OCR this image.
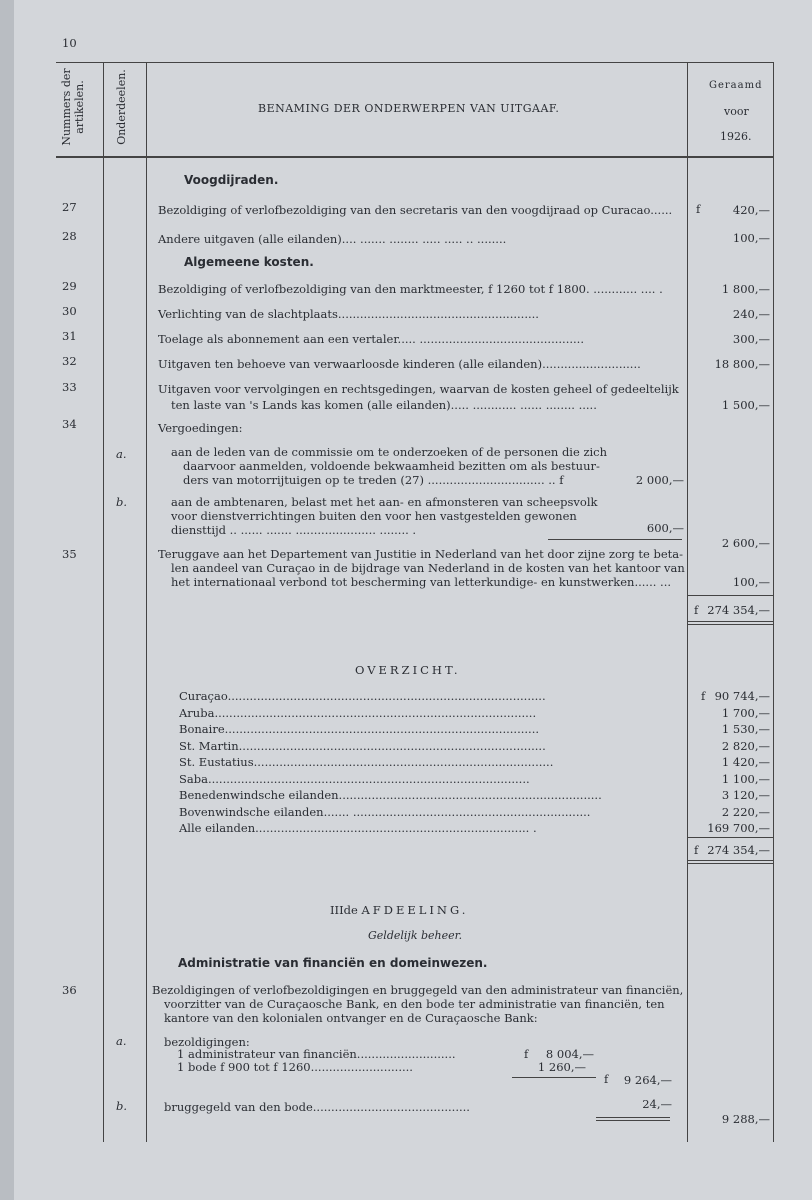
10
Nummers der artikelen.	Onderdeelen.	BENAMING DER ONDERWERPEN VAN UITGAAF.
Geraamd
voor
1926.
Voogdijraden.
27	Bezoldiging of verlofbezoldiging van den secretaris van den voogdijraad op Curacao...... f	420,—
28	Andere uitgaven (alle eilanden).... ....... ........ ..... ..... .. ........	100,—
Algemeene kosten.
29	Bezoldiging of verlofbezoldiging van den marktmeester, f 1260 tot f 1800. ............ .... .	1 800,—
30	Verlichting van de slachtplaats.......................................................	240,—
31	Toelage als abonnement aan een vertaler..... .............................................	300,—
32	Uitgaven ten behoeve van verwaarloosde kinderen (alle eilanden)...........................	18 800,—
33	Uitgaven voor vervolgingen en rechtsgedingen, waarvan de kosten geheel of gedeeltelijk
ten laste van 's Lands kas komen (alle eilanden)..... ............ ...... ........ .....	1 500,—
34	Vergoedingen:
a.	aan de leden van de commissie om te onderzoeken of de personen die zich
daarvoor aanmelden, voldoende bekwaamheid bezitten om als bestuur-
ders van motorrijtuigen op te treden (27) ................................ .. f	2 000,—
b.	aan de ambtenaren, belast met het aan- en afmonsteren van scheepsvolk
voor dienstverrichtingen buiten den voor hen vastgestelden gewonen
diensttijd .. ...... ....... ...................... ........ .	600,—
2 600,—
35	Teruggave aan het Departement van Justitie in Nederland van het door zijne zorg te beta-
len aandeel van Curaçao in de bijdrage van Nederland in de kosten van het kantoor van
het internationaal verbond tot bescherming van letterkundige- en kunstwerken...... ...	100,—
f 274 354,—
OVERZICHT.
Curaçao.......................................................................................	f 90 744,—
Aruba........................................................................................	1 700,—
Bonaire......................................................................................	1 530,—
St. Martin....................................................................................	2 820,—
St. Eustatius..................................................................................	1 420,—
Saba........................................................................................	1 100,—
Benedenwindsche eilanden........................................................................	3 120,—
Bovenwindsche eilanden....... .................................................................	2 220,—
Alle eilanden........................................................................... .	169 700,—
f 274 354,—
IIIde AFDEELING.
Geldelijk beheer.
Administratie van financiën en domeinwezen.
36	Bezoldigingen of verlofbezoldigingen en bruggegeld van den administrateur van financiën,
voorzitter van de Curaçaosche Bank, en den bode ter administratie van financiën, ten
kantore van den kolonialen ontvanger en de Curaçaosche Bank:
a.	bezoldigingen:
1 administrateur van financiën...........................	f	8 004,—
1 bode f 900 tot f 1260............................	1 260,—
f	9 264,—
b.	bruggegeld van den bode...........................................	24,—
9 288,—
